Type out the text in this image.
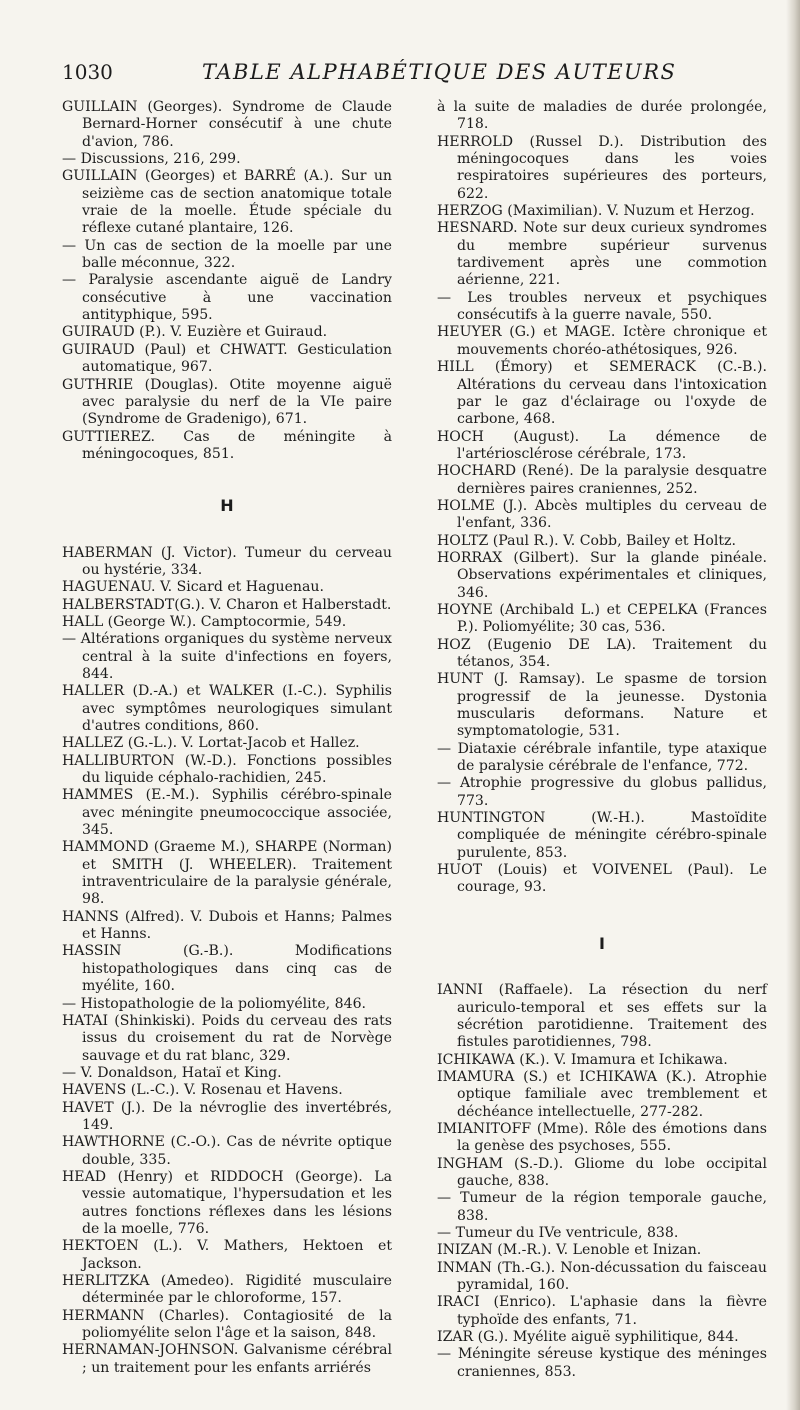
1030	TABLE ALPHABÉTIQUE DES AUTEURS

GUILLAIN (Georges). Syndrome de Claude Bernard-Horner consécutif à une chute d'avion, 786.

— Discussions, 216, 299.

GUILLAIN (Georges) et BARRÉ (A.). Sur un seizième cas de section anatomique totale vraie de la moelle. Étude spéciale du réflexe cutané plantaire, 126.

— Un cas de section de la moelle par une balle méconnue, 322.

— Paralysie ascendante aiguë de Landry consécutive à une vaccination antityphique, 595.

GUIRAUD (P.). V. Euzière et Guiraud.

GUIRAUD (Paul) et CHWATT. Gesticulation automatique, 967.

GUTHRIE (Douglas). Otite moyenne aiguë avec paralysie du nerf de la VIe paire (Syndrome de Gradenigo), 671.

GUTTIEREZ. Cas de méningite à méningocoques, 851.

H

HABERMAN (J. Victor). Tumeur du cerveau ou hystérie, 334.

HAGUENAU. V. Sicard et Haguenau.

HALBERSTADT(G.). V. Charon et Halberstadt.

HALL (George W.). Camptocormie, 549.

— Altérations organiques du système nerveux central à la suite d'infections en foyers, 844.

HALLER (D.-A.) et WALKER (I.-C.). Syphilis avec symptômes neurologiques simulant d'autres conditions, 860.

HALLEZ (G.-L.). V. Lortat-Jacob et Hallez.

HALLIBURTON (W.-D.). Fonctions possibles du liquide céphalo-rachidien, 245.

HAMMES (E.-M.). Syphilis cérébro-spinale avec méningite pneumococcique associée, 345.

HAMMOND (Graeme M.), SHARPE (Norman) et SMITH (J. WHEELER). Traitement intraventriculaire de la paralysie générale, 98.

HANNS (Alfred). V. Dubois et Hanns; Palmes et Hanns.

HASSIN (G.-B.). Modifications histopathologiques dans cinq cas de myélite, 160.

— Histopathologie de la poliomyélite, 846.

HATAI (Shinkiski). Poids du cerveau des rats issus du croisement du rat de Norvège sauvage et du rat blanc, 329.

— V. Donaldson, Hataï et King.

HAVENS (L.-C.). V. Rosenau et Havens.

HAVET (J.). De la névroglie des invertébrés, 149.

HAWTHORNE (C.-O.). Cas de névrite optique double, 335.

HEAD (Henry) et RIDDOCH (George). La vessie automatique, l'hypersudation et les autres fonctions réflexes dans les lésions de la moelle, 776.

HEKTOEN (L.). V. Mathers, Hektoen et Jackson.

HERLITZKA (Amedeo). Rigidité musculaire déterminée par le chloroforme, 157.

HERMANN (Charles). Contagiosité de la poliomyélite selon l'âge et la saison, 848.

HERNAMAN-JOHNSON. Galvanisme cérébral ; un traitement pour les enfants arriérés

à la suite de maladies de durée prolongée, 718.

HERROLD (Russel D.). Distribution des méningocoques dans les voies respiratoires supérieures des porteurs, 622.

HERZOG (Maximilian). V. Nuzum et Herzog.

HESNARD. Note sur deux curieux syndromes du membre supérieur survenus tardivement après une commotion aérienne, 221.

— Les troubles nerveux et psychiques consécutifs à la guerre navale, 550.

HEUYER (G.) et MAGE. Ictère chronique et mouvements choréo-athétosiques, 926.

HILL (Émory) et SEMERACK (C.-B.). Altérations du cerveau dans l'intoxication par le gaz d'éclairage ou l'oxyde de carbone, 468.

HOCH (August). La démence de l'artériosclérose cérébrale, 173.

HOCHARD (René). De la paralysie desquatre dernières paires craniennes, 252.

HOLME (J.). Abcès multiples du cerveau de l'enfant, 336.

HOLTZ (Paul R.). V. Cobb, Bailey et Holtz.

HORRAX (Gilbert). Sur la glande pinéale. Observations expérimentales et cliniques, 346.

HOYNE (Archibald L.) et CEPELKA (Frances P.). Poliomyélite; 30 cas, 536.

HOZ (Eugenio DE LA). Traitement du tétanos, 354.

HUNT (J. Ramsay). Le spasme de torsion progressif de la jeunesse. Dystonia muscularis deformans. Nature et symptomatologie, 531.

— Diataxie cérébrale infantile, type ataxique de paralysie cérébrale de l'enfance, 772.

— Atrophie progressive du globus pallidus, 773.

HUNTINGTON (W.-H.). Mastoïdite compliquée de méningite cérébro-spinale purulente, 853.

HUOT (Louis) et VOIVENEL (Paul). Le courage, 93.

I

IANNI (Raffaele). La résection du nerf auriculo-temporal et ses effets sur la sécrétion parotidienne. Traitement des fistules parotidiennes, 798.

ICHIKAWA (K.). V. Imamura et Ichikawa.

IMAMURA (S.) et ICHIKAWA (K.). Atrophie optique familiale avec tremblement et déchéance intellectuelle, 277-282.

IMIANITOFF (Mme). Rôle des émotions dans la genèse des psychoses, 555.

INGHAM (S.-D.). Gliome du lobe occipital gauche, 838.

— Tumeur de la région temporale gauche, 838.

— Tumeur du IVe ventricule, 838.

INIZAN (M.-R.). V. Lenoble et Inizan.

INMAN (Th.-G.). Non-décussation du faisceau pyramidal, 160.

IRACI (Enrico). L'aphasie dans la fièvre typhoïde des enfants, 71.

IZAR (G.). Myélite aiguë syphilitique, 844.

— Méningite séreuse kystique des méninges craniennes, 853.
